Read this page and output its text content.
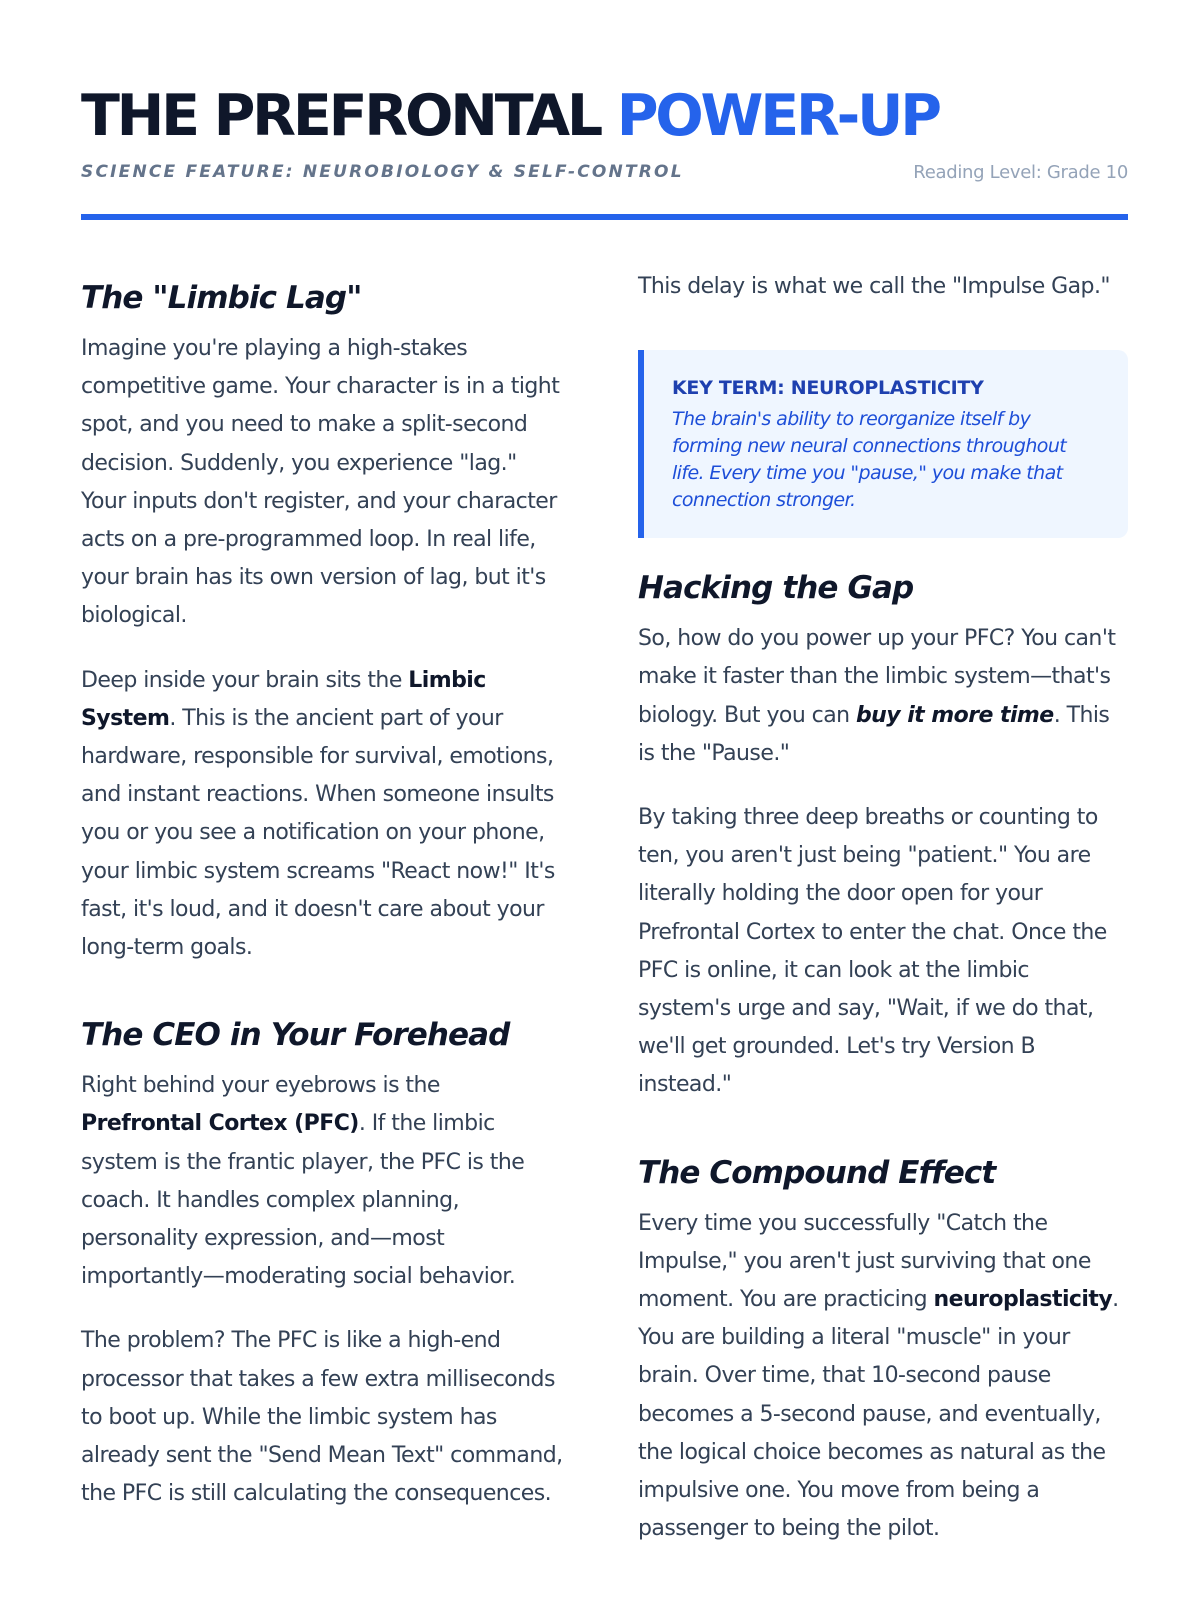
THE PREFRONTAL POWER-UP
SCIENCE FEATURE: NEUROBIOLOGY & SELF-CONTROL	Reading Level: Grade 10
The "Limbic Lag"

Imagine you're playing a high-stakes competitive game. Your character is in a tight spot, and you need to make a split-second decision. Suddenly, you experience "lag." Your inputs don't register, and your character acts on a pre-programmed loop. In real life, your brain has its own version of lag, but it's biological.

Deep inside your brain sits the Limbic System. This is the ancient part of your hardware, responsible for survival, emotions, and instant reactions. When someone insults you or you see a notification on your phone, your limbic system screams "React now!" It's fast, it's loud, and it doesn't care about your long-term goals.

The CEO in Your Forehead

Right behind your eyebrows is the Prefrontal Cortex (PFC). If the limbic system is the frantic player, the PFC is the coach. It handles complex planning, personality expression, and—most importantly—moderating social behavior.

The problem? The PFC is like a high-end processor that takes a few extra milliseconds to boot up. While the limbic system has already sent the "Send Mean Text" command, the PFC is still calculating the consequences.

This delay is what we call the "Impulse Gap."

KEY TERM: NEUROPLASTICITY
The brain's ability to reorganize itself by forming new neural connections throughout life. Every time you "pause," you make that connection stronger.
Hacking the Gap

So, how do you power up your PFC? You can't make it faster than the limbic system—that's biology. But you can buy it more time. This is the "Pause."

By taking three deep breaths or counting to ten, you aren't just being "patient." You are literally holding the door open for your Prefrontal Cortex to enter the chat. Once the PFC is online, it can look at the limbic system's urge and say, "Wait, if we do that, we'll get grounded. Let's try Version B instead."

The Compound Effect

Every time you successfully "Catch the Impulse," you aren't just surviving that one moment. You are practicing neuroplasticity. You are building a literal "muscle" in your brain. Over time, that 10-second pause becomes a 5-second pause, and eventually, the logical choice becomes as natural as the impulsive one. You move from being a passenger to being the pilot.
